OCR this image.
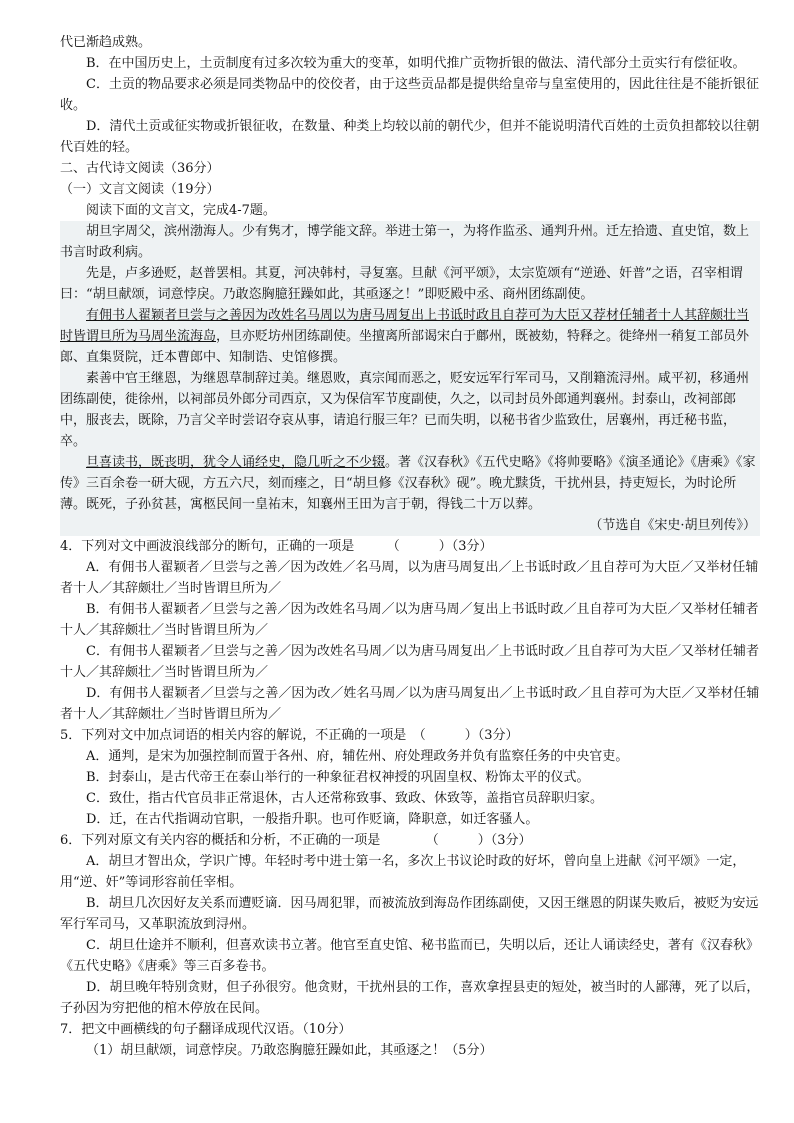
代已渐趋成熟。

B．在中国历史上，土贡制度有过多次较为重大的变革，如明代推广贡物折银的做法、清代部分土贡实行有偿征收。

C．土贡的物品要求必须是同类物品中的佼佼者，由于这些贡品都是提供给皇帝与皇室使用的，因此往往是不能折银征收。

D．清代土贡或征实物或折银征收，在数量、种类上均较以前的朝代少，但并不能说明清代百姓的土贡负担都较以往朝代百姓的轻。

二、古代诗文阅读（36分）

（一）文言文阅读（19分）

阅读下面的文言文，完成4-7题。

胡旦字周父，滨州渤海人。少有隽才，博学能文辞。举进士第一，为将作监丞、通判升州。迁左拾遗、直史馆，数上书言时政利病。

先是，卢多逊贬，赵普罢相。其夏，河决韩村，寻复塞。旦献《河平颂》，太宗览颂有“逆逊、奸普”之语，召宰相谓曰：“胡旦献颂，词意悖戾。乃敢恣胸臆狂躁如此，其亟逐之！”即贬殿中丞、商州团练副使。

有佣书人翟颖者旦尝与之善因为改姓名马周以为唐马周复出上书诋时政且自荐可为大臣又荐材任辅者十人其辞颇壮当时皆谓旦所为马周坐流海岛，旦亦贬坊州团练副使。坐擅离所部谒宋白于鄜州，既被劾，特释之。徙绛州一稍复工部员外郎、直集贤院，迁本曹郎中、知制诰、史馆修撰。

素善中官王继恩，为继恩草制辞过美。继恩败，真宗闻而恶之，贬安远军行军司马，又削籍流浔州。咸平初，移通州团练副使，徙徐州，以祠部员外郎分司西京，又为保信军节度副使，久之，以司封员外郎通判襄州。封泰山，改祠部郎中，服丧去，既除，乃言父辛时尝诏夺哀从事，请追行服三年？已而失明，以秘书省少监致仕，居襄州，再迁秘书监，卒。

旦喜读书，既丧明，犹令人诵经史，隐几听之不少辍。著《汉春秋》《五代史略》《将帅要略》《演圣通论》《唐乘》《家传》三百余卷一研大砚，方五六尺，刻而瘗之，日“胡旦修《汉春秋》砚”。晚尤黩货，干扰州县，持吏短长，为时论所薄。既死，子孙贫甚，寓柩民间一皇祐末，知襄州王田为言于朝，得钱二十万以葬。

（节选自《宋史·胡旦列传》）

4．下列对文中画波浪线部分的断句，正确的一项是　　　（　　　）（3分）

A．有佣书人翟颖者／旦尝与之善／因为改姓／名马周，以为唐马周复出／上书诋时政／且自荐可为大臣／又举材任辅者十人／其辞颇壮／当时皆谓旦所为／

B．有佣书人翟颖者／旦尝与之善／因为改姓名马周／以为唐马周／复出上书诋时政／且自荐可为大臣／又举材任辅者十人／其辞颇壮／当时皆谓旦所为／

C．有佣书人翟颖者／旦尝与之善／因为改姓名马周／以为唐马周复出／上书诋时政／且自荐可为大臣／又举材任辅者十人／其辞颇壮／当时皆谓旦所为／

D．有佣书人翟颖者／旦尝与之善／因为改／姓名马周／以为唐马周复出／上书诋时政／且自荐可为大臣／又举材任辅者十人／其辞颇壮／当时皆谓旦所为／

5．下列对文中加点词语的相关内容的解说，不正确的一项是　（　　　）（3分）

A．通判，是宋为加强控制而置于各州、府，辅佐州、府处理政务并负有监察任务的中央官吏。

B．封泰山，是古代帝王在泰山举行的一种象征君权神授的巩固皇权、粉饰太平的仪式。

C．致仕，指古代官员非正常退休，古人还常称致事、致政、休致等，盖指官员辞职归家。

D．迁，在古代指调动官职，一般指升职。也可作贬谪，降职意，如迁客骚人。

6．下列对原文有关内容的概括和分析，不正确的一项是　　　　（　　　）（3分）

A．胡旦才智出众，学识广博。年轻时考中进士第一名，多次上书议论时政的好坏，曾向皇上进献《河平颂》一定，用“逆、奸”等词形容前任宰相。

B．胡旦几次因好友关系而遭贬谪．因马周犯罪，而被流放到海岛作团练副使，又因王继恩的阴谋失败后，被贬为安远军行军司马，又革职流放到浔州。

C．胡旦仕途并不顺利，但喜欢读书立著。他官至直史馆、秘书监而已，失明以后，还让人诵读经史，著有《汉春秋》《五代史略》《唐乘》等三百多卷书。

D．胡旦晚年特别贪财，但子孙很穷。他贪财，干扰州县的工作，喜欢拿捏县吏的短处，被当时的人鄙薄，死了以后，子孙因为穷把他的棺木停放在民间。

7．把文中画横线的句子翻译成现代汉语。（10分）

（1）胡旦献颂，词意悖戾。乃敢恣胸臆狂躁如此，其亟逐之！（5分）
